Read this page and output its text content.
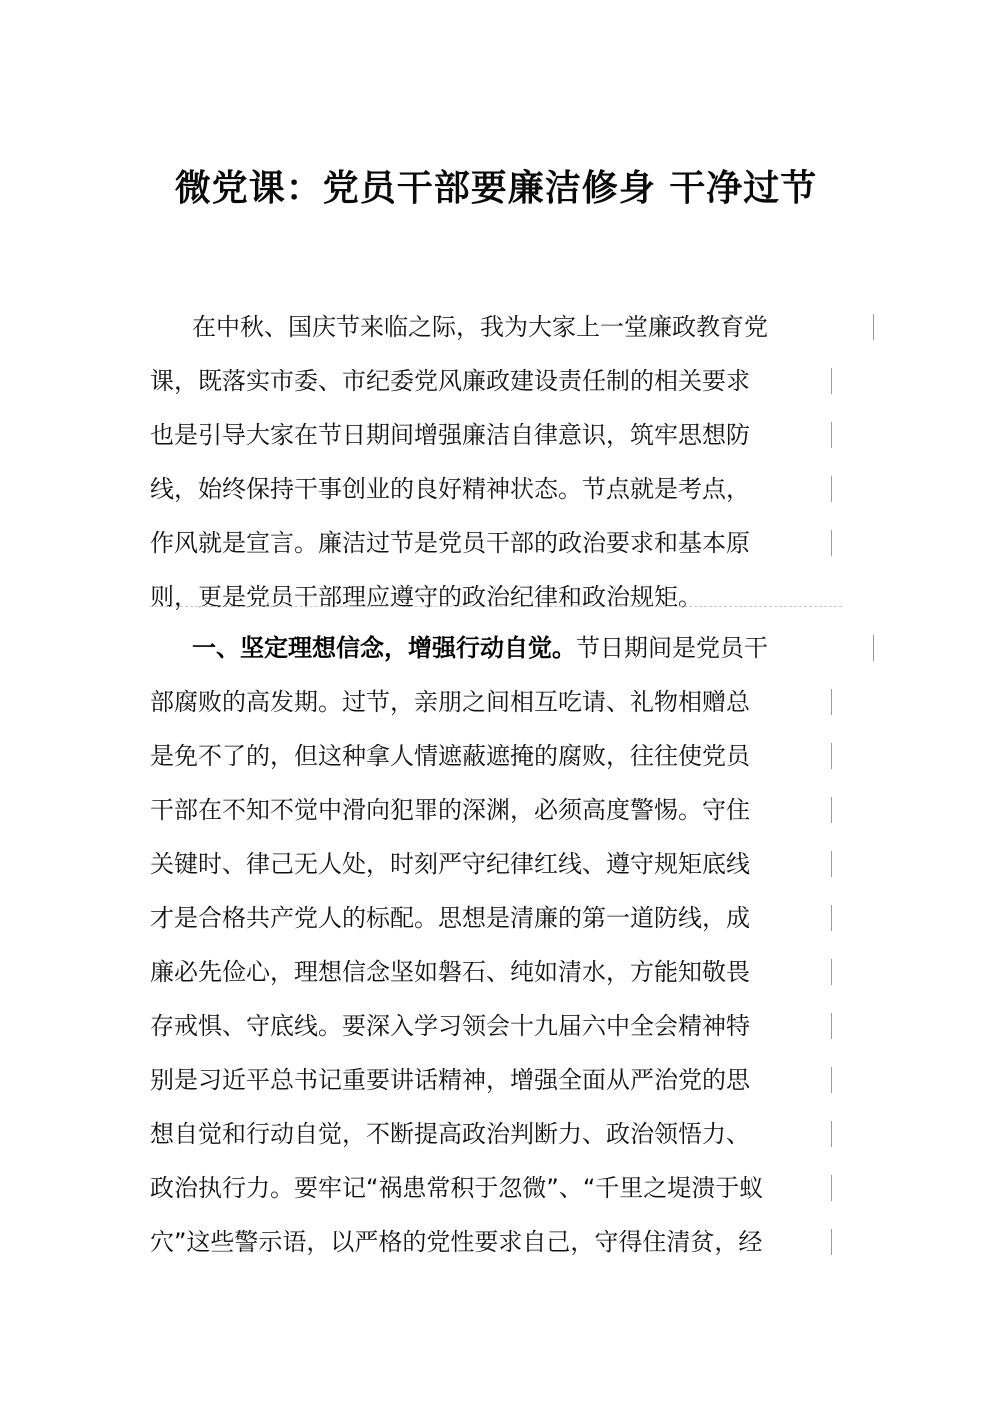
微党课：党员干部要廉洁修身 干净过节
在中秋、国庆节来临之际，我为大家上一堂廉政教育党
课，既落实市委、市纪委党风廉政建设责任制的相关要求
也是引导大家在节日期间增强廉洁自律意识，筑牢思想防
线，始终保持干事创业的良好精神状态。节点就是考点，
作风就是宣言。廉洁过节是党员干部的政治要求和基本原
则，更是党员干部理应遵守的政治纪律和政治规矩。
一、坚定理想信念，增强行动自觉。节日期间是党员干
部腐败的高发期。过节，亲朋之间相互吃请、礼物相赠总
是免不了的，但这种拿人情遮蔽遮掩的腐败，往往使党员
干部在不知不觉中滑向犯罪的深渊，必须高度警惕。守住
关键时、律己无人处，时刻严守纪律红线、遵守规矩底线
才是合格共产党人的标配。思想是清廉的第一道防线，成
廉必先俭心，理想信念坚如磐石、纯如清水，方能知敬畏
存戒惧、守底线。要深入学习领会十九届六中全会精神特
别是习近平总书记重要讲话精神，增强全面从严治党的思
想自觉和行动自觉，不断提高政治判断力、政治领悟力、
政治执行力。要牢记“祸患常积于忽微”、“千里之堤溃于蚁
穴”这些警示语，以严格的党性要求自己，守得住清贫，经
